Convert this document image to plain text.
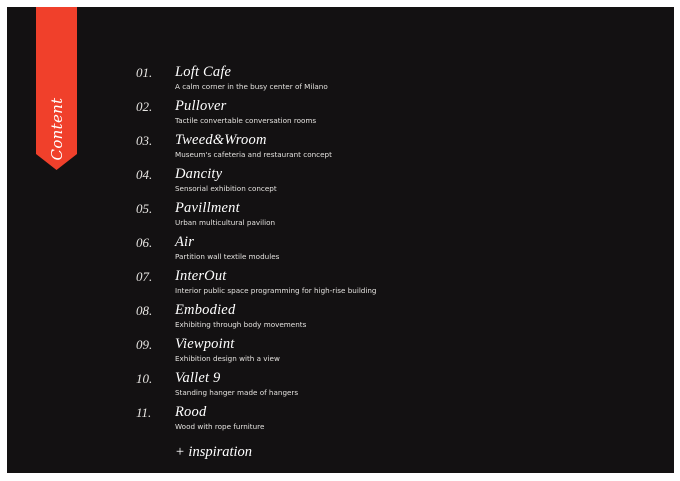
Content
01. Loft Cafe
A calm corner in the busy center of Milano
02. Pullover
Tactile convertable conversation rooms
03. Tweed&Wroom
Museum's cafeteria and restaurant concept
04. Dancity
Sensorial exhibition concept
05. Pavillment
Urban multicultural pavilion
06. Air
Partition wall textile modules
07. InterOut
Interior public space programming for high-rise building
08. Embodied
Exhibiting through body movements
09. Viewpoint
Exhibition design with a view
10. Vallet 9
Standing hanger made of hangers
11. Rood
Wood with rope furniture
+ inspiration
